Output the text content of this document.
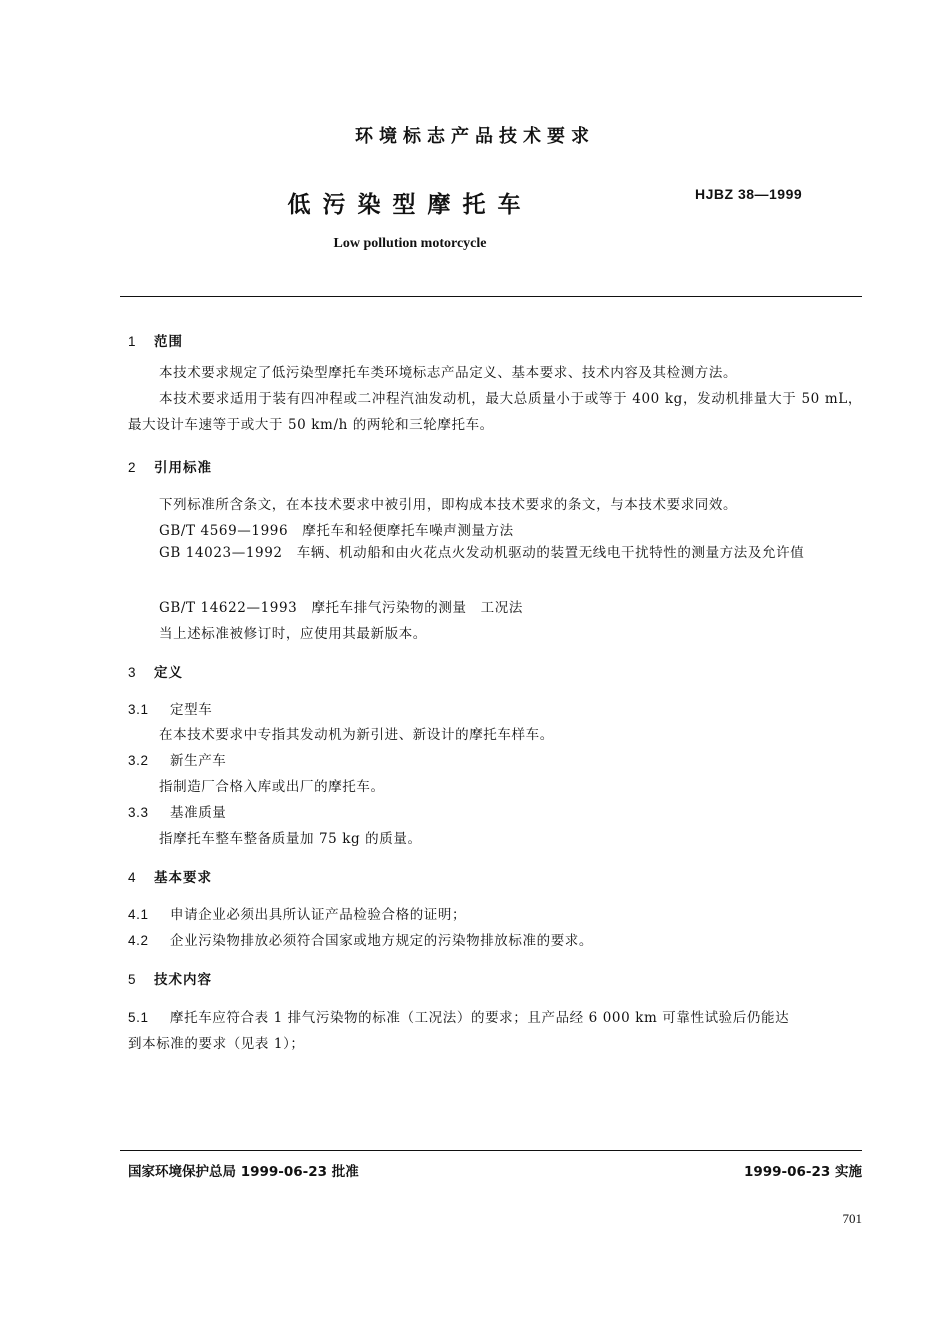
环境标志产品技术要求
低污染型摩托车	HJBZ 38—1999
Low pollution motorcycle
1 范围
本技术要求规定了低污染型摩托车类环境标志产品定义、基本要求、技术内容及其检测方法。
本技术要求适用于装有四冲程或二冲程汽油发动机，最大总质量小于或等于 400 kg，发动机排量大于 50 mL，最大设计车速等于或大于 50 km/h 的两轮和三轮摩托车。
2 引用标准
下列标准所含条文，在本技术要求中被引用，即构成本技术要求的条文，与本技术要求同效。
GB/T 4569—1996　摩托车和轻便摩托车噪声测量方法
GB 14023—1992　车辆、机动船和由火花点火发动机驱动的装置无线电干扰特性的测量方法及允许值
GB/T 14622—1993　摩托车排气污染物的测量　工况法
当上述标准被修订时，应使用其最新版本。
3 定义
3.1 定型车
在本技术要求中专指其发动机为新引进、新设计的摩托车样车。
3.2 新生产车
指制造厂合格入库或出厂的摩托车。
3.3 基准质量
指摩托车整车整备质量加 75 kg 的质量。
4 基本要求
4.1 申请企业必须出具所认证产品检验合格的证明；
4.2 企业污染物排放必须符合国家或地方规定的污染物排放标准的要求。
5 技术内容
5.1 摩托车应符合表 1 排气污染物的标准（工况法）的要求；且产品经 6 000 km 可靠性试验后仍能达
到本标准的要求（见表 1）；
国家环境保护总局 1999-06-23 批准	1999-06-23 实施
701
